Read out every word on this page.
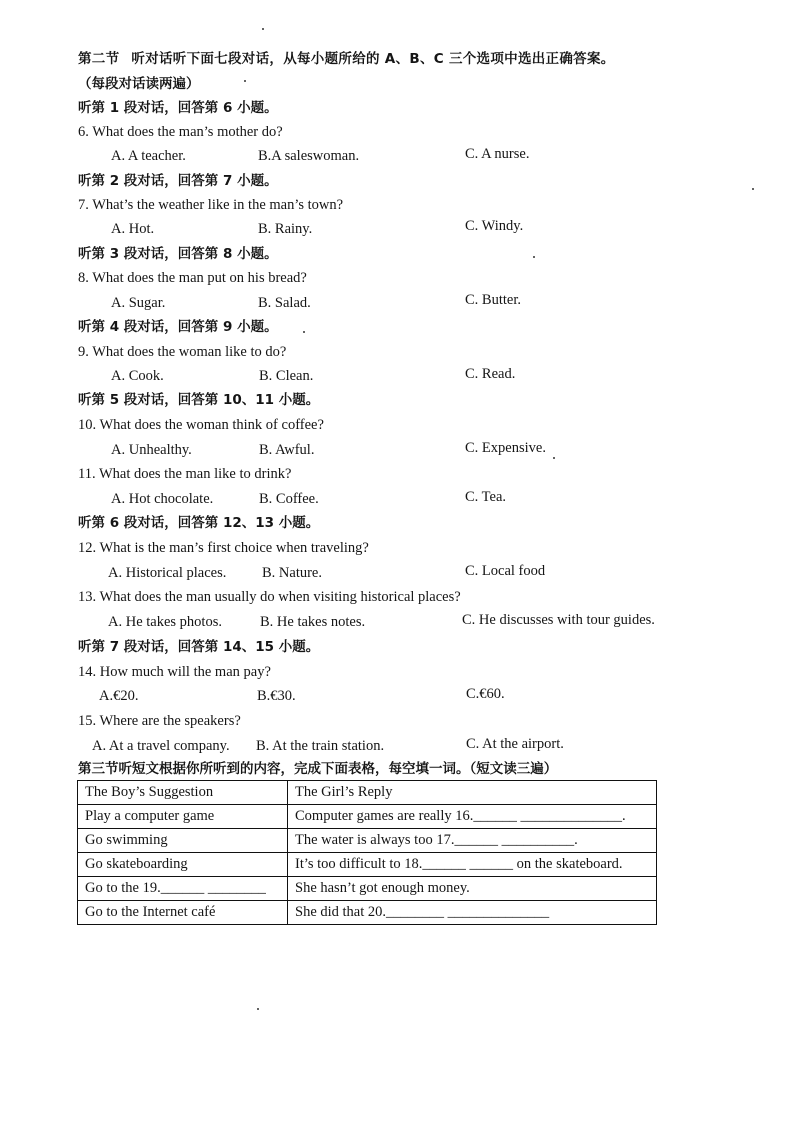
第二节 听对话听下面七段对话，从每小题所给的 A、B、C 三个选项中选出正确答案。
（每段对话读两遍）
听第 1 段对话，回答第 6 小题。
6. What does the man’s mother do?
A. A teacher.	B.A saleswoman.	C. A nurse.
听第 2 段对话，回答第 7 小题。
7. What’s the weather like in the man’s town?
A. Hot.	B. Rainy.	C. Windy.
听第 3 段对话，回答第 8 小题。
8. What does the man put on his bread?
A. Sugar.	B. Salad.	C. Butter.
听第 4 段对话，回答第 9 小题。
9. What does the woman like to do?
A. Cook.	B. Clean.	C. Read.
听第 5 段对话，回答第 10、11 小题。
10. What does the woman think of coffee?
A. Unhealthy.	B. Awful.	C. Expensive.
11. What does the man like to drink?
A. Hot chocolate.	B. Coffee.	C. Tea.
听第 6 段对话，回答第 12、13 小题。
12. What is the man’s first choice when traveling?
A. Historical places. B. Nature.	C. Local food
13. What does the man usually do when visiting historical places?
A. He takes photos.	B. He takes notes.	C. He discusses with tour guides.
听第 7 段对话，回答第 14、15 小题。
14. How much will the man pay?
A.€20.	B.€30.	C.€60.
15. Where are the speakers?
A. At a travel company. B. At the train station.	C. At the airport.
第三节听短文根据你所听到的内容，完成下面表格，每空填一词。（短文读三遍）
The Boy’s Suggestion	The Girl’s Reply
Play a computer game	Computer games are really 16.______ ______________.
Go swimming	The water is always too 17.______ __________.
Go skateboarding	It’s too difficult to 18.______ ______ on the skateboard.
Go to the 19.______ ________	She hasn’t got enough money.
Go to the Internet café	She did that 20.________ ______________
